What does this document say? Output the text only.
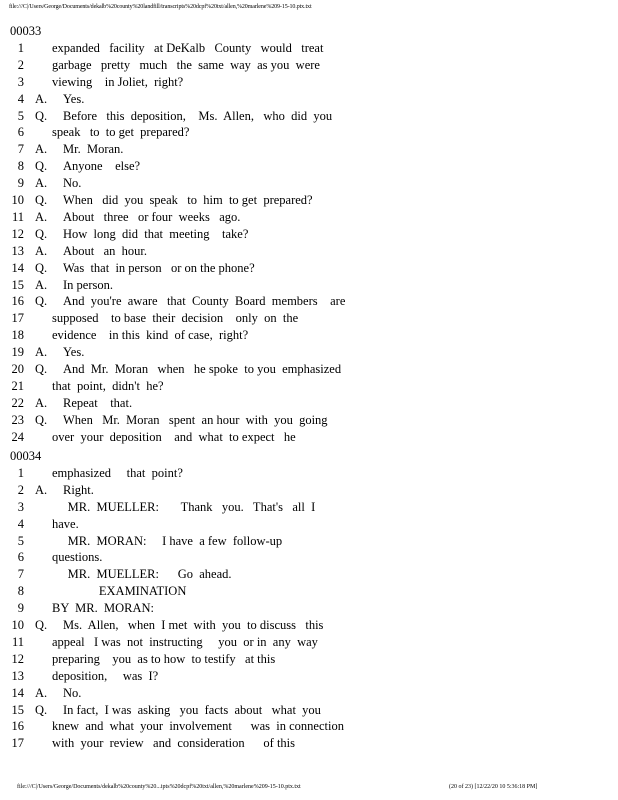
file:///C|/Users/George/Documents/dekalb%20county%20landfill/transcripts%20dcpf%20txt/allen,%20marlene%209-15-10.ptx.txt
00033
1 expanded   facility   at DeKalb   County   would   treat
2 garbage   pretty   much   the  same  way  as you  were
3 viewing    in Joliet,  right?
4 A. Yes.
5 Q. Before   this  deposition,    Ms.  Allen,   who  did  you
6 speak   to  to get  prepared?
7 A. Mr.  Moran.
8 Q. Anyone    else?
9 A. No.
10 Q. When   did  you  speak   to  him  to get  prepared?
11 A. About   three   or four  weeks   ago.
12 Q. How  long  did  that  meeting    take?
13 A. About   an  hour.
14 Q. Was  that  in person   or on the phone?
15 A. In person.
16 Q. And  you're  aware   that  County  Board  members    are
17 supposed    to base  their  decision    only  on  the
18 evidence    in this  kind  of case,  right?
19 A. Yes.
20 Q. And  Mr.  Moran   when   he spoke  to you  emphasized
21 that  point,  didn't  he?
22 A. Repeat    that.
23 Q. When   Mr.  Moran   spent  an hour  with  you  going
24 over  your  deposition    and  what  to expect   he
00034
1 emphasized     that  point?
2 A. Right.
3 MR.  MUELLER:       Thank   you.   That's   all  I
4 have.
5 MR.  MORAN:     I have  a few  follow-up
6 questions.
7 MR.  MUELLER:      Go  ahead.
8 EXAMINATION
9 BY  MR.  MORAN:
10 Q. Ms.  Allen,   when  I met  with  you  to discuss   this
11 appeal   I was  not  instructing     you  or in  any  way
12 preparing    you  as to how  to testify   at this
13 deposition,     was  I?
14 A. No.
15 Q. In fact,  I was  asking   you  facts  about   what  you
16 knew  and  what  your  involvement      was  in connection
17 with  your  review   and  consideration      of this
file:///C|/Users/George/Documents/dekalb%20county%20...ipts%20dcpf%20txt/allen,%20marlene%209-15-10.ptx.txt	(20 of 23) [12/22/20 10 5:36:18 PM]
